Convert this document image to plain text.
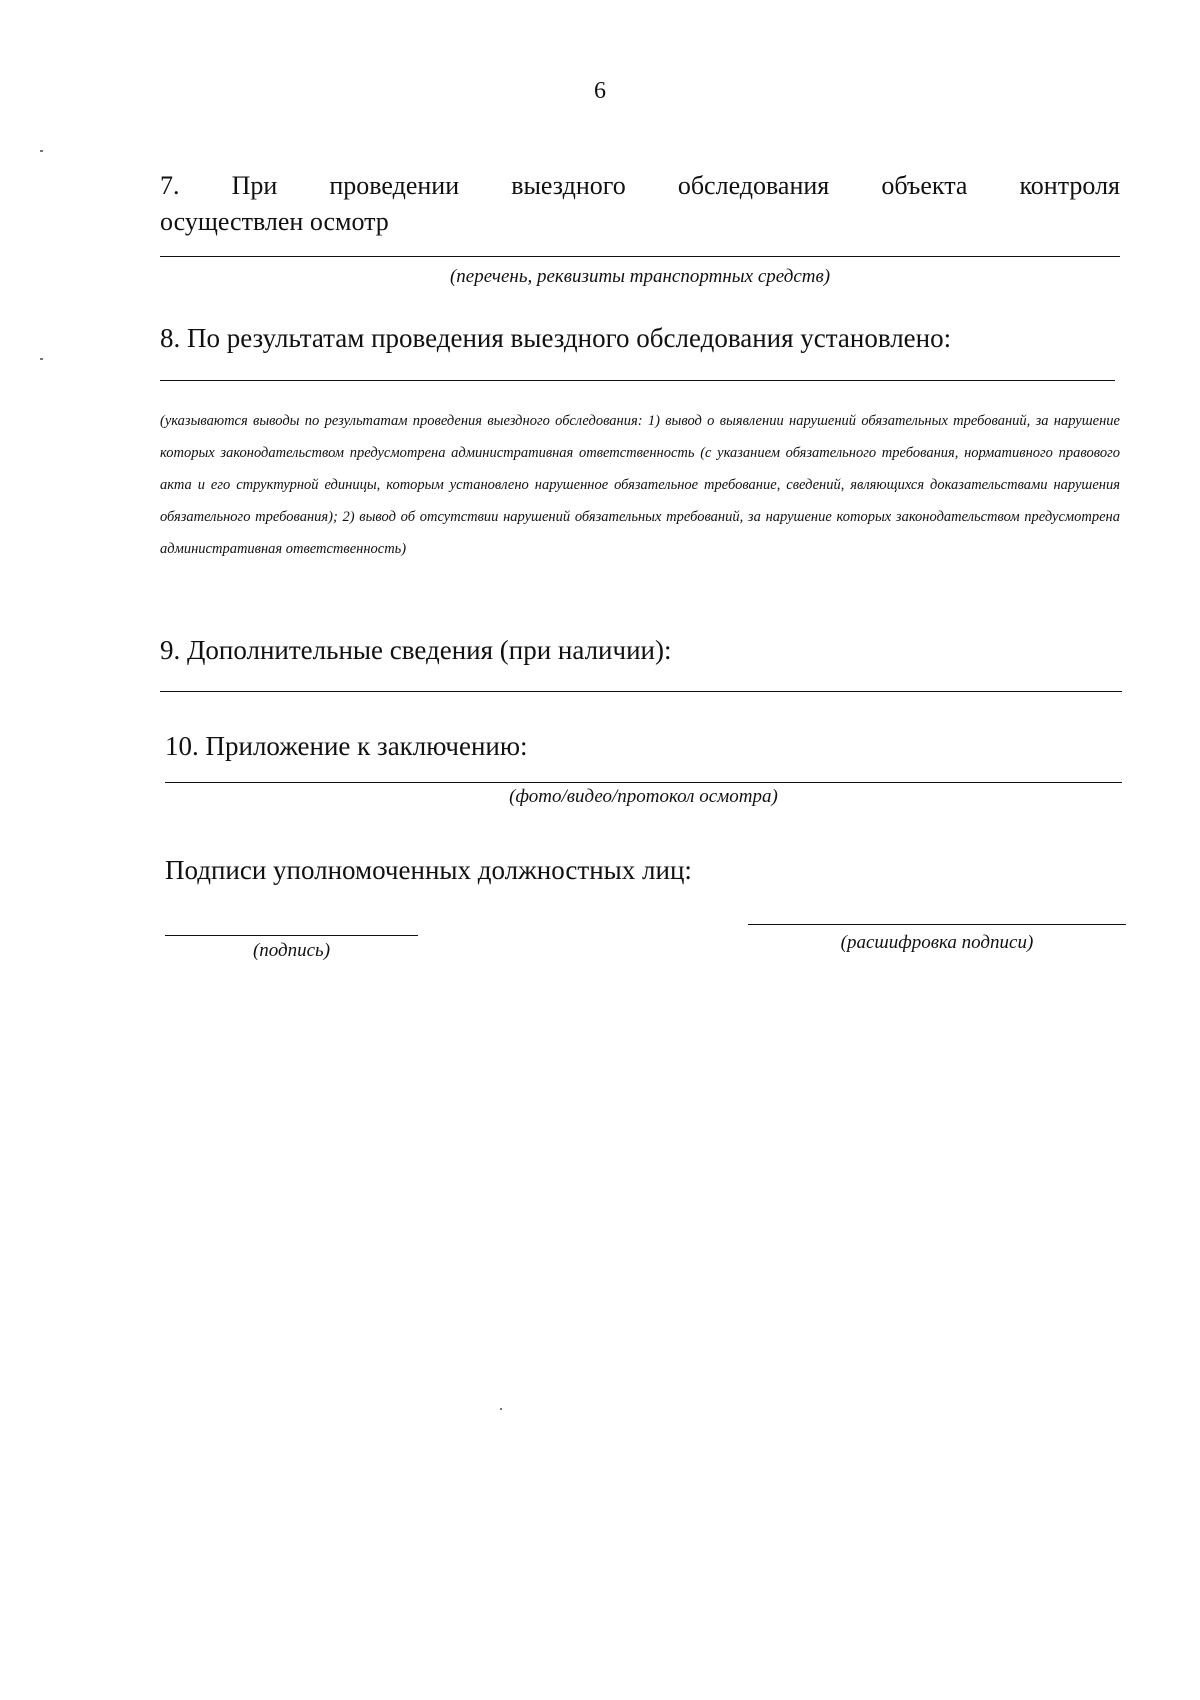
6
7. При проведении выездного обследования объекта контроля
осуществлен осмотр
(перечень, реквизиты транспортных средств)
8. По результатам проведения выездного обследования установлено:
(указываются выводы по результатам проведения выездного обследования: 1) вывод о выявлении нарушений обязательных требований, за нарушение которых законодательством предусмотрена административная ответственность (с указанием обязательного требования, нормативного правового акта и его структурной единицы, которым установлено нарушенное обязательное требование, сведений, являющихся доказательствами нарушения обязательного требования); 2) вывод об отсутствии нарушений обязательных требований, за нарушение которых законодательством предусмотрена административная ответственность)
9. Дополнительные сведения (при наличии):
10. Приложение к заключению:
(фото/видео/протокол осмотра)
Подписи уполномоченных должностных лиц:
(подпись)	(расшифровка подписи)
